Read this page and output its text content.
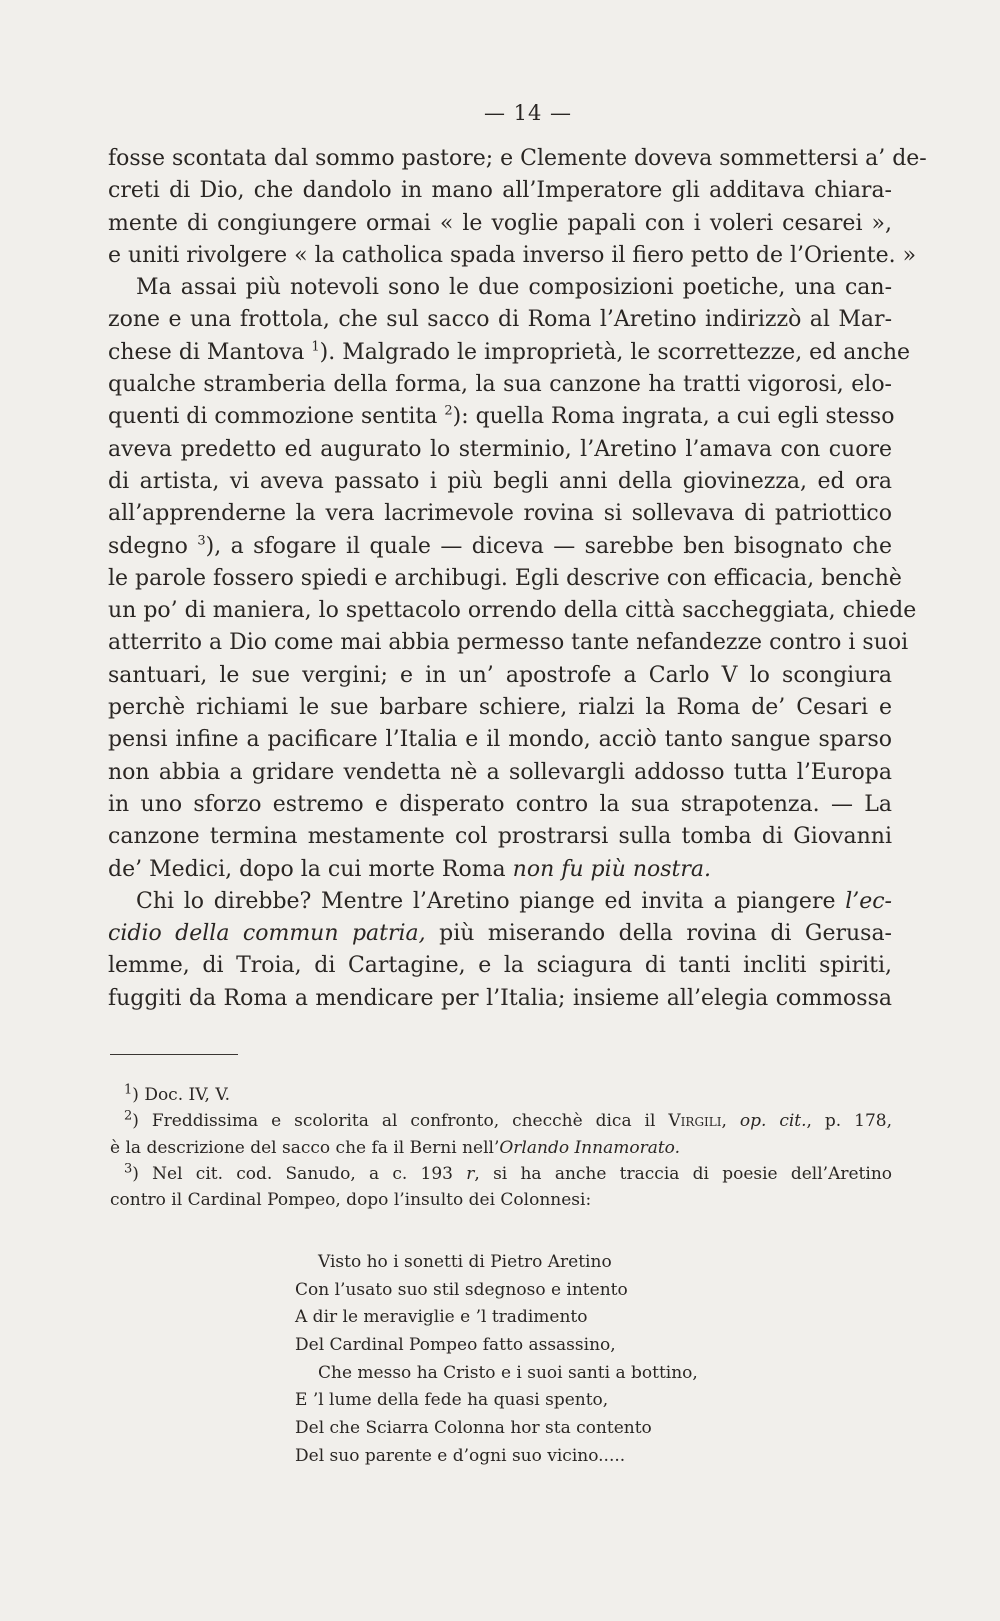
— 14 —
fosse scontata dal sommo pastore; e Clemente doveva sommettersi a’ de-
creti di Dio, che dandolo in mano all’Imperatore gli additava chiara-
mente di congiungere ormai « le voglie papali con i voleri cesarei »,
e uniti rivolgere « la catholica spada inverso il fiero petto de l’Oriente. »
Ma assai più notevoli sono le due composizioni poetiche, una can-
zone e una frottola, che sul sacco di Roma l’Aretino indirizzò al Mar-
chese di Mantova $^1$). Malgrado le improprietà, le scorrettezze, ed anche
qualche stramberia della forma, la sua canzone ha tratti vigorosi, elo-
quenti di commozione sentita $^2$): quella Roma ingrata, a cui egli stesso
aveva predetto ed augurato lo sterminio, l’Aretino l’amava con cuore
di artista, vi aveva passato i più begli anni della giovinezza, ed ora
all’apprenderne la vera lacrimevole rovina si sollevava di patriottico
sdegno $^3$), a sfogare il quale — diceva — sarebbe ben bisognato che
le parole fossero spiedi e archibugi. Egli descrive con efficacia, benchè
un po’ di maniera, lo spettacolo orrendo della città saccheggiata, chiede
atterrito a Dio come mai abbia permesso tante nefandezze contro i suoi
santuari, le sue vergini; e in un’ apostrofe a Carlo V lo scongiura
perchè richiami le sue barbare schiere, rialzi la Roma de’ Cesari e
pensi infine a pacificare l’Italia e il mondo, acciò tanto sangue sparso
non abbia a gridare vendetta nè a sollevargli addosso tutta l’Europa
in uno sforzo estremo e disperato contro la sua strapotenza. — La
canzone termina mestamente col prostrarsi sulla tomba di Giovanni
de’ Medici, dopo la cui morte Roma non fu più nostra.
Chi lo direbbe? Mentre l’Aretino piange ed invita a piangere l’ec-
cidio della commun patria, più miserando della rovina di Gerusa-
lemme, di Troia, di Cartagine, e la sciagura di tanti incliti spiriti,
fuggiti da Roma a mendicare per l’Italia; insieme all’elegia commossa
$^1$) Doc. IV, V.
$^2$) Freddissima e scolorita al confronto, checchè dica il Virgili, op. cit., p. 178,
è la descrizione del sacco che fa il Berni nell’Orlando Innamorato.
$^3$) Nel cit. cod. Sanudo, a c. 193 r, si ha anche traccia di poesie dell’Aretino
contro il Cardinal Pompeo, dopo l’insulto dei Colonnesi:
Visto ho i sonetti di Pietro Aretino
Con l’usato suo stil sdegnoso e intento
A dir le meraviglie e ’l tradimento
Del Cardinal Pompeo fatto assassino,
Che messo ha Cristo e i suoi santi a bottino,
E ’l lume della fede ha quasi spento,
Del che Sciarra Colonna hor sta contento
Del suo parente e d’ogni suo vicino.....
